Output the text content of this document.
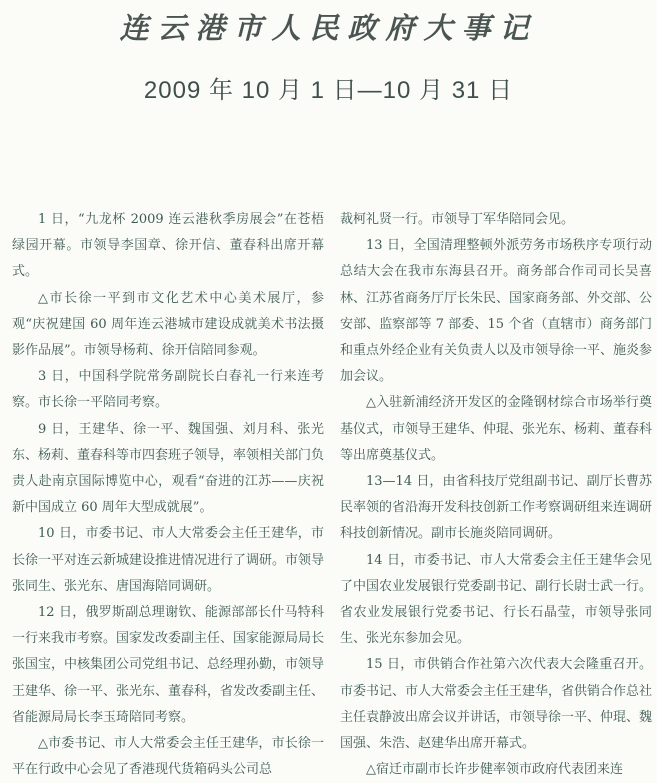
连云港市人民政府大事记
2009 年 10 月 1 日—10 月 31 日

1 日，“九龙杯 2009 连云港秋季房展会”在苍梧绿园开幕。市领导李国章、徐开信、董春科出席开幕式。

△市长徐一平到市文化艺术中心美术展厅，参观“庆祝建国 60 周年连云港城市建设成就美术书法摄影作品展”。市领导杨莉、徐开信陪同参观。

3 日，中国科学院常务副院长白春礼一行来连考察。市长徐一平陪同考察。

9 日，王建华、徐一平、魏国强、刘月科、张光东、杨莉、董春科等市四套班子领导，率领相关部门负责人赴南京国际博览中心，观看“奋进的江苏——庆祝新中国成立 60 周年大型成就展”。

10 日，市委书记、市人大常委会主任王建华，市长徐一平对连云新城建设推进情况进行了调研。市领导张同生、张光东、唐国海陪同调研。

12 日，俄罗斯副总理谢钦、能源部部长什马特科一行来我市考察。国家发改委副主任、国家能源局局长张国宝，中核集团公司党组书记、总经理孙勤，市领导王建华、徐一平、张光东、董春科，省发改委副主任、省能源局局长李玉琦陪同考察。

△市委书记、市人大常委会主任王建华，市长徐一平在行政中心会见了香港现代货箱码头公司总

裁柯礼贤一行。市领导丁军华陪同会见。

13 日，全国清理整顿外派劳务市场秩序专项行动总结大会在我市东海县召开。商务部合作司司长吴喜林、江苏省商务厅厅长朱民、国家商务部、外交部、公安部、监察部等 7 部委、15 个省（直辖市）商务部门和重点外经企业有关负责人以及市领导徐一平、施炎参加会议。

△入驻新浦经济开发区的金隆钢材综合市场举行奠基仪式，市领导王建华、仲琨、张光东、杨莉、董春科等出席奠基仪式。

13—14 日，由省科技厅党组副书记、副厅长曹苏民率领的省沿海开发科技创新工作考察调研组来连调研科技创新情况。副市长施炎陪同调研。

14 日，市委书记、市人大常委会主任王建华会见了中国农业发展银行党委副书记、副行长尉士武一行。省农业发展银行党委书记、行长石晶莹，市领导张同生、张光东参加会见。

15 日，市供销合作社第六次代表大会隆重召开。市委书记、市人大常委会主任王建华，省供销合作总社主任袁静波出席会议并讲话，市领导徐一平、仲琨、魏国强、朱浩、赵建华出席开幕式。

△宿迁市副市长许步健率领市政府代表团来连
